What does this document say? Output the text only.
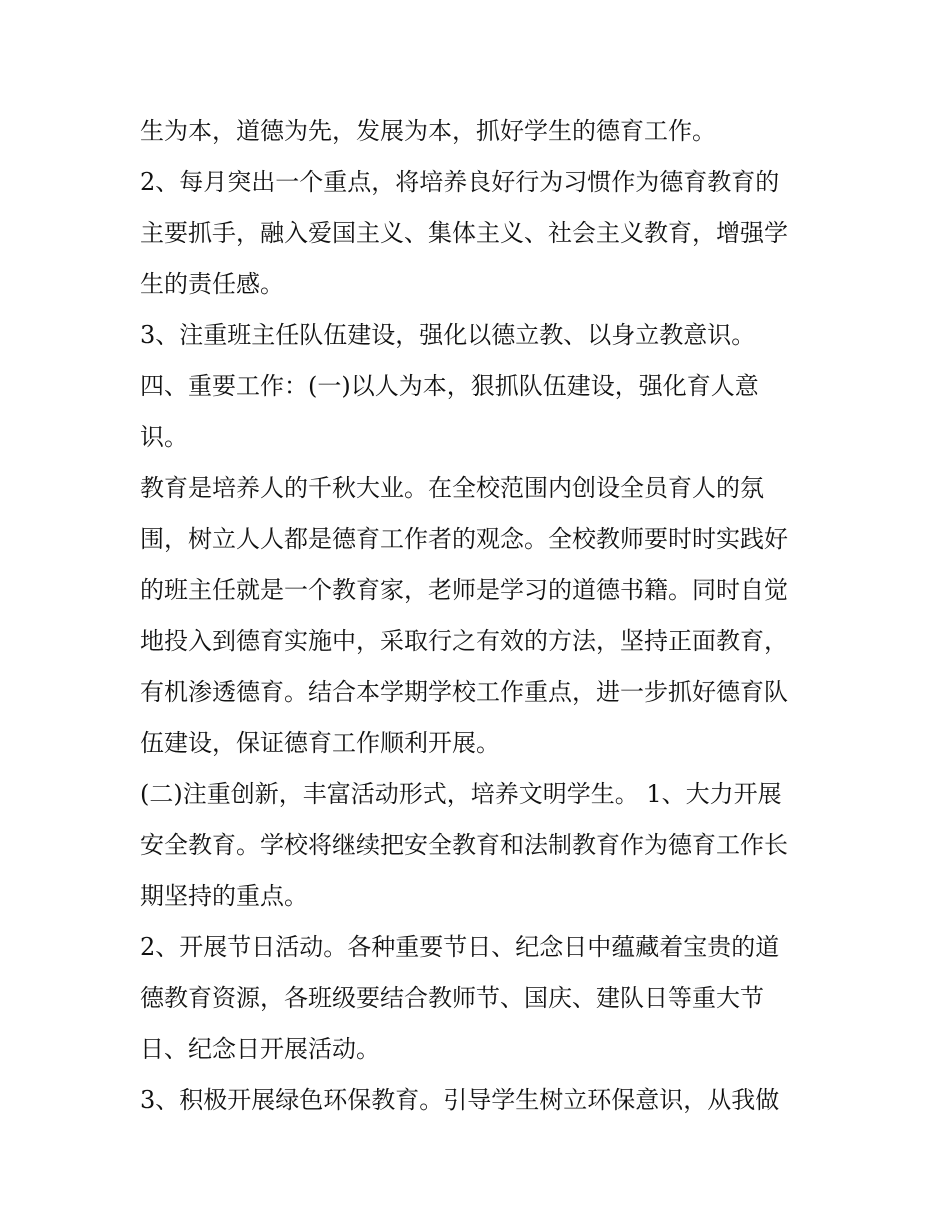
生为本，道德为先，发展为本，抓好学生的德育工作。
2、每月突出一个重点，将培养良好行为习惯作为德育教育的
主要抓手，融入爱国主义、集体主义、社会主义教育，增强学
生的责任感。
3、注重班主任队伍建设，强化以德立教、以身立教意识。
四、重要工作：(一)以人为本，狠抓队伍建设，强化育人意
识。
教育是培养人的千秋大业。在全校范围内创设全员育人的氛
围，树立人人都是德育工作者的观念。全校教师要时时实践好
的班主任就是一个教育家，老师是学习的道德书籍。同时自觉
地投入到德育实施中，采取行之有效的方法，坚持正面教育，
有机渗透德育。结合本学期学校工作重点，进一步抓好德育队
伍建设，保证德育工作顺利开展。
(二)注重创新，丰富活动形式，培养文明学生。 1、大力开展
安全教育。学校将继续把安全教育和法制教育作为德育工作长
期坚持的重点。
2、开展节日活动。各种重要节日、纪念日中蕴藏着宝贵的道
德教育资源，各班级要结合教师节、国庆、建队日等重大节
日、纪念日开展活动。
3、积极开展绿色环保教育。引导学生树立环保意识，从我做
